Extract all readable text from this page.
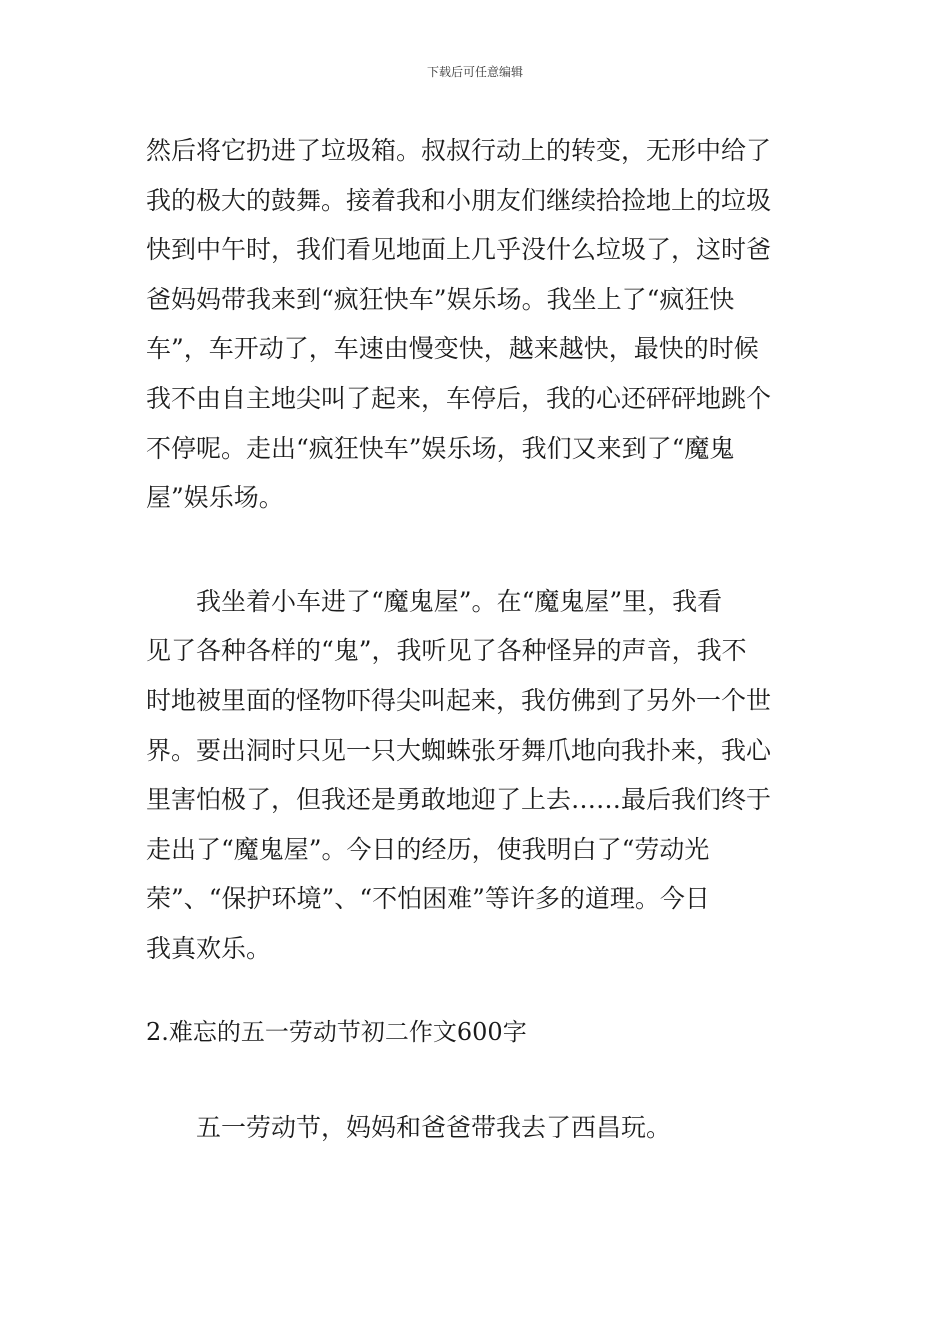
下载后可任意编辑
然后将它扔进了垃圾箱。叔叔行动上的转变，无形中给了
我的极大的鼓舞。接着我和小朋友们继续拾捡地上的垃圾
快到中午时，我们看见地面上几乎没什么垃圾了，这时爸
爸妈妈带我来到“疯狂快车”娱乐场。我坐上了“疯狂快
车”，车开动了，车速由慢变快，越来越快，最快的时候
我不由自主地尖叫了起来，车停后，我的心还砰砰地跳个
不停呢。走出“疯狂快车”娱乐场，我们又来到了“魔鬼
屋”娱乐场。
我坐着小车进了“魔鬼屋”。在“魔鬼屋”里，我看
见了各种各样的“鬼”，我听见了各种怪异的声音，我不
时地被里面的怪物吓得尖叫起来，我仿佛到了另外一个世
界。要出洞时只见一只大蜘蛛张牙舞爪地向我扑来，我心
里害怕极了，但我还是勇敢地迎了上去……最后我们终于
走出了“魔鬼屋”。今日的经历，使我明白了“劳动光
荣”、“保护环境”、“不怕困难”等许多的道理。今日
我真欢乐。
2.难忘的五一劳动节初二作文600字
五一劳动节，妈妈和爸爸带我去了西昌玩。
